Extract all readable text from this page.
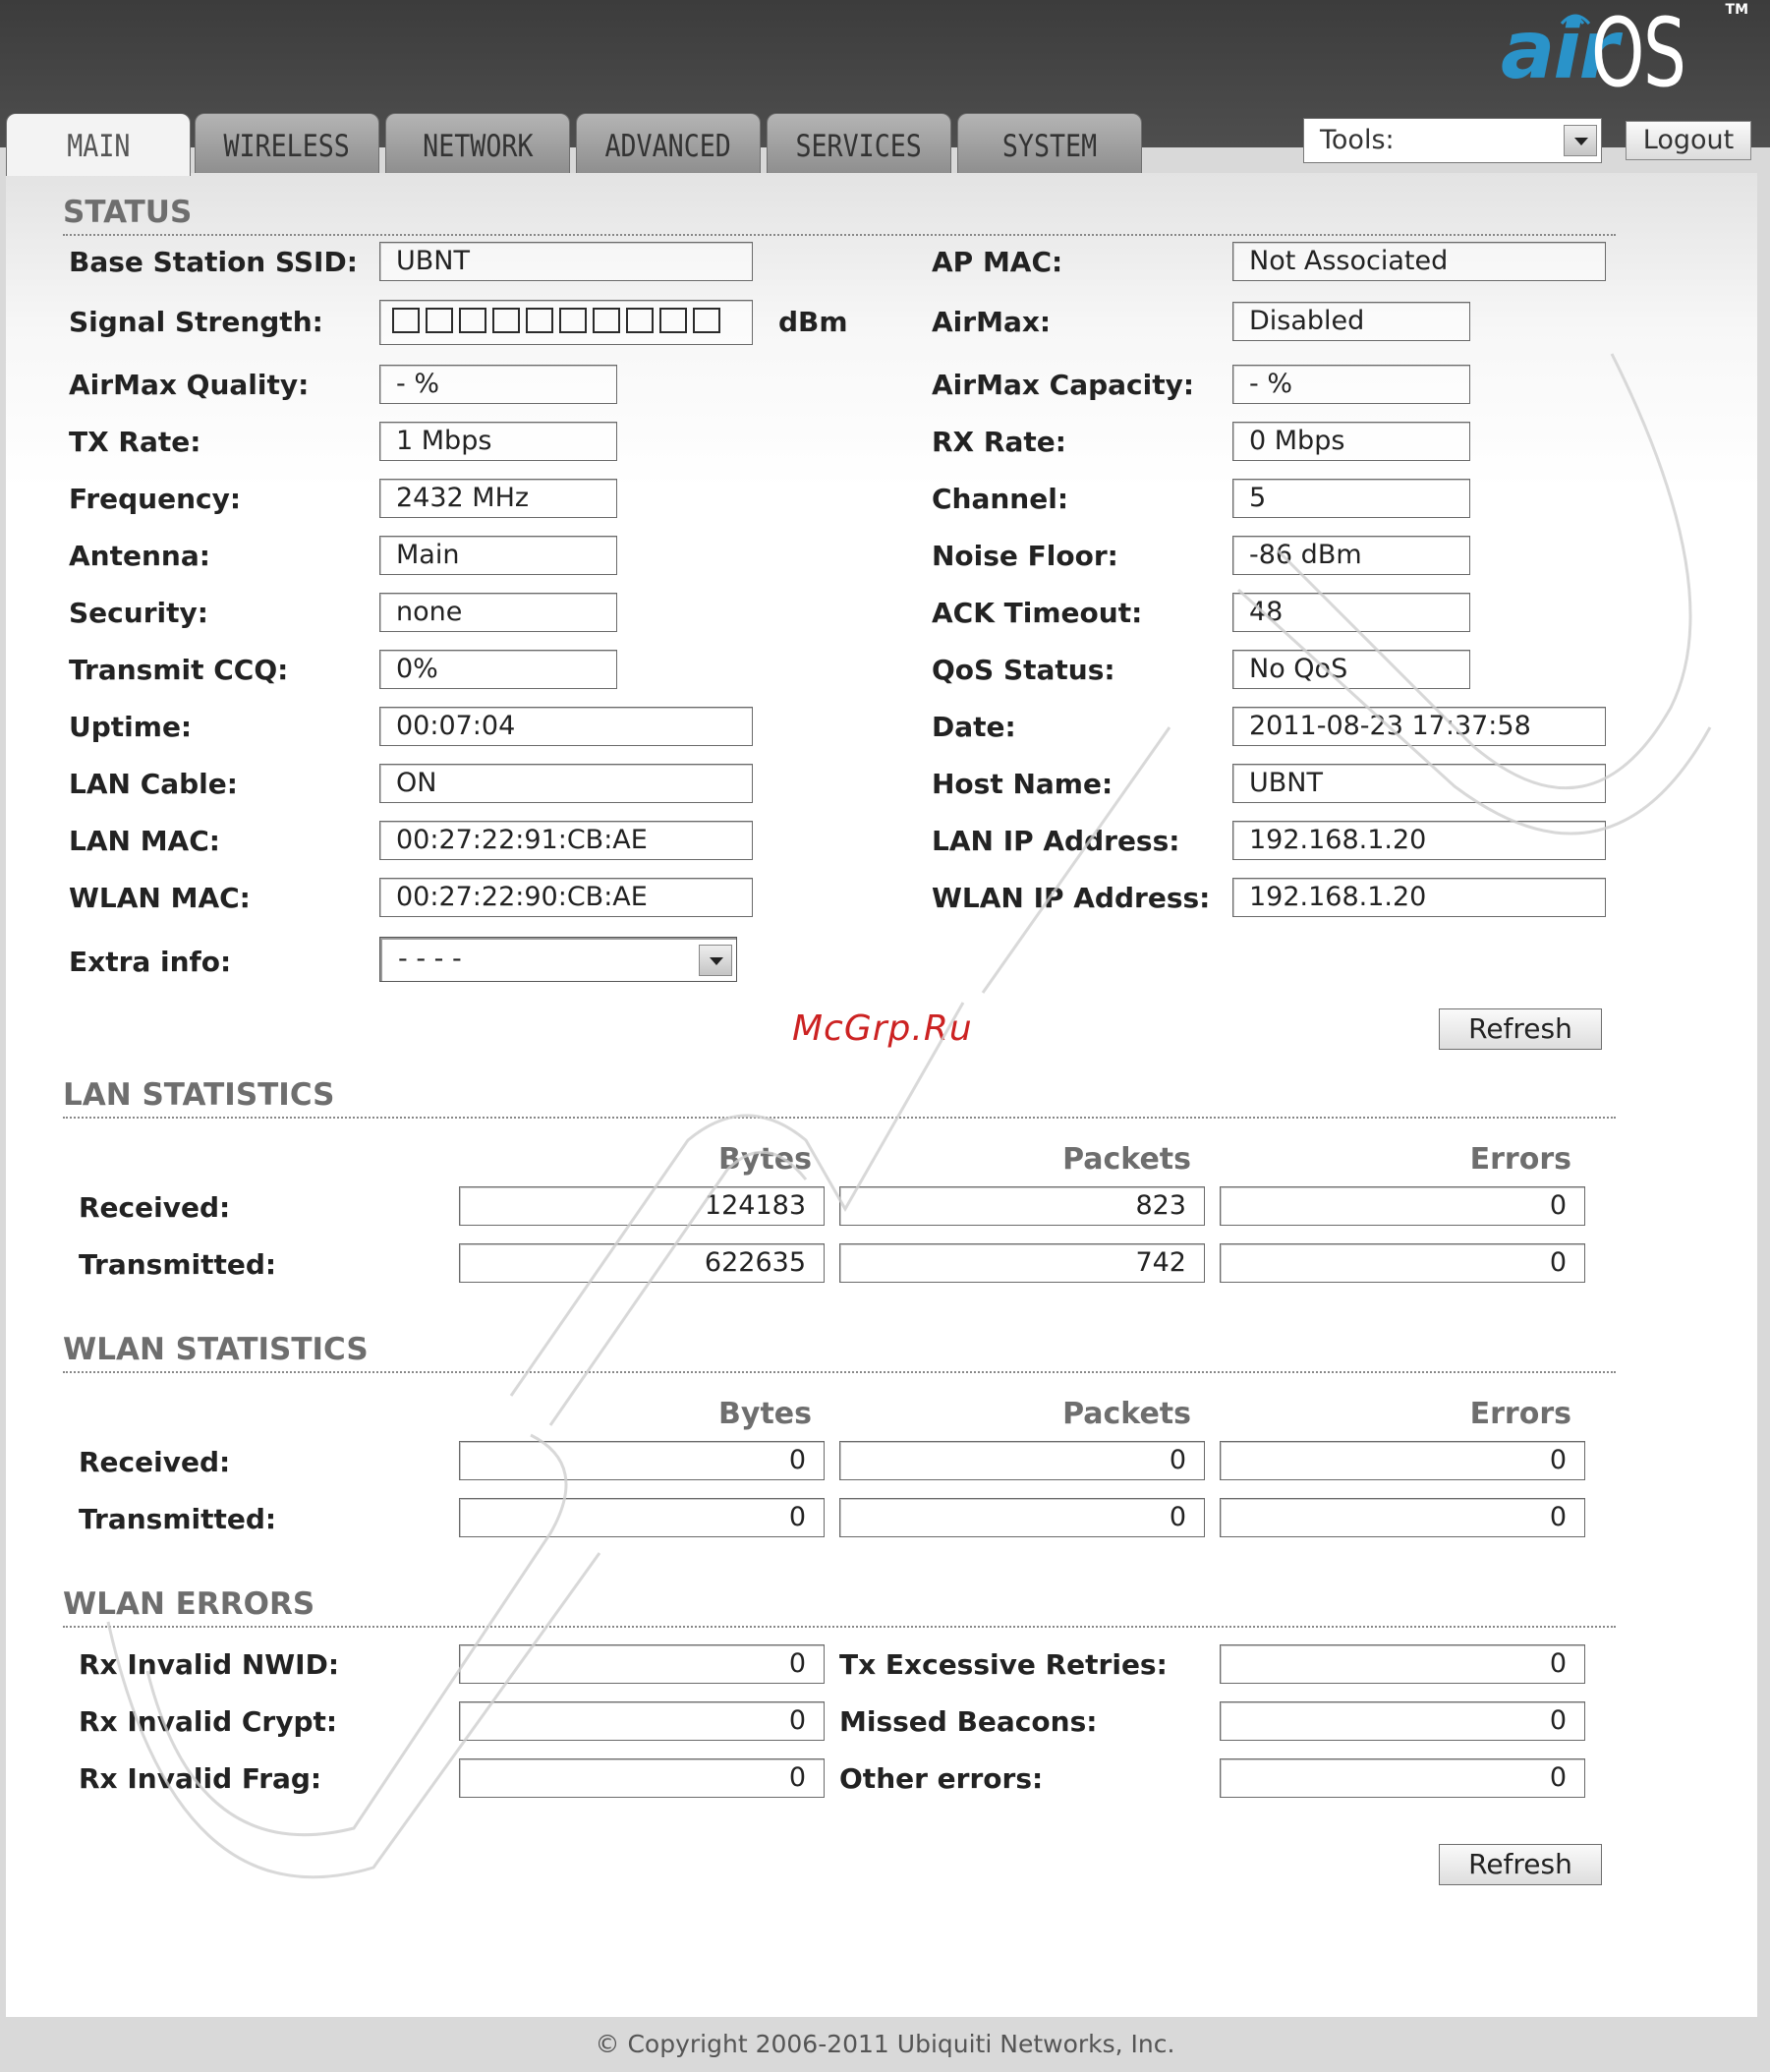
air
OS	TM
MAIN	WIRELESS	NETWORK	ADVANCED	SERVICES	SYSTEM	Tools:	Logout
STATUS
Base Station SSID:	UBNT
Signal Strength:	dBm
AirMax Quality:	- %
TX Rate:	1 Mbps
Frequency:	2432 MHz
Antenna:	Main
Security:	none
Transmit CCQ:	0%
Uptime:	00:07:04
LAN Cable:	ON
LAN MAC:	00:27:22:91:CB:AE
WLAN MAC:	00:27:22:90:CB:AE
AP MAC:	Not Associated
AirMax:	Disabled
AirMax Capacity:	- %
RX Rate:	0 Mbps
Channel:	5
Noise Floor:	-86 dBm
ACK Timeout:	48
QoS Status:	No QoS
Date:	2011-08-23 17:37:58
Host Name:	UBNT
LAN IP Address:	192.168.1.20
WLAN IP Address:	192.168.1.20
Extra info:	- - - -
Refresh
McGrp.Ru
LAN STATISTICS
Bytes	Packets	Errors
Received:	124183	823	0
Transmitted:	622635	742	0
WLAN STATISTICS
Bytes	Packets	Errors
Received:	0	0	0
Transmitted:	0	0	0
WLAN ERRORS
Rx Invalid NWID:	0	Tx Excessive Retries:	0
Rx Invalid Crypt:	0	Missed Beacons:	0
Rx Invalid Frag:	0	Other errors:	0
Refresh
© Copyright 2006-2011 Ubiquiti Networks, Inc.
